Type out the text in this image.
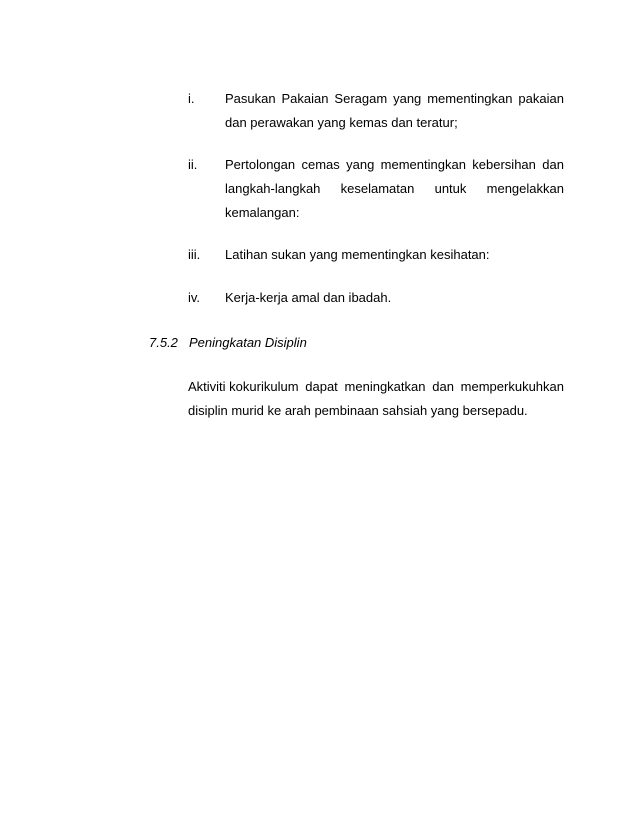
i. Pasukan Pakaian Seragam yang mementingkan pakaian
dan perawakan yang kemas dan teratur;
ii. Pertolongan cemas yang mementingkan kebersihan dan
langkah-langkah keselamatan untuk mengelakkan
kemalangan:
iii. Latihan sukan yang mementingkan kesihatan:
iv. Kerja-kerja amal dan ibadah.
7.5.2 Peningkatan Disiplin
Aktiviti kokurikulum dapat meningkatkan dan memperkukuhkan
disiplin murid ke arah pembinaan sahsiah yang bersepadu.
